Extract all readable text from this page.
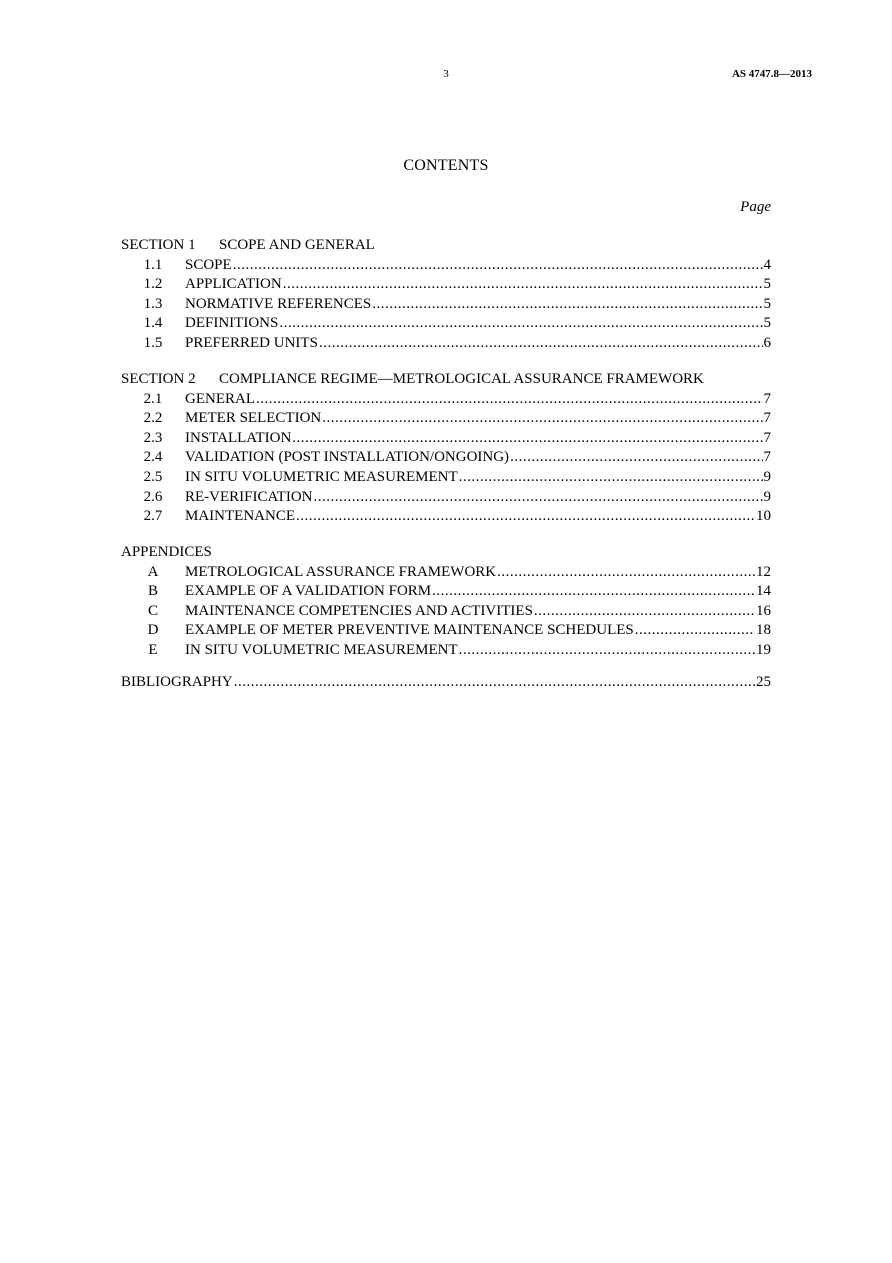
3	AS 4747.8—2013
CONTENTS
Page
SECTION 1 SCOPE AND GENERAL
1.1	SCOPE .....	4
1.2	APPLICATION .....	5
1.3	NORMATIVE REFERENCES .....	5
1.4	DEFINITIONS .....	5
1.5	PREFERRED UNITS .....	6
SECTION 2 COMPLIANCE REGIME—METROLOGICAL ASSURANCE FRAMEWORK
2.1	GENERAL .....	7
2.2	METER SELECTION .....	7
2.3	INSTALLATION .....	7
2.4	VALIDATION (POST INSTALLATION/ONGOING) .....	7
2.5	IN SITU VOLUMETRIC MEASUREMENT .....	9
2.6	RE-VERIFICATION .....	9
2.7	MAINTENANCE .....	10
APPENDICES
A	METROLOGICAL ASSURANCE FRAMEWORK .....	12
B	EXAMPLE OF A VALIDATION FORM .....	14
C	MAINTENANCE COMPETENCIES AND ACTIVITIES .....	16
D	EXAMPLE OF METER PREVENTIVE MAINTENANCE SCHEDULES .....	18
E	IN SITU VOLUMETRIC MEASUREMENT .....	19
BIBLIOGRAPHY .....	25
